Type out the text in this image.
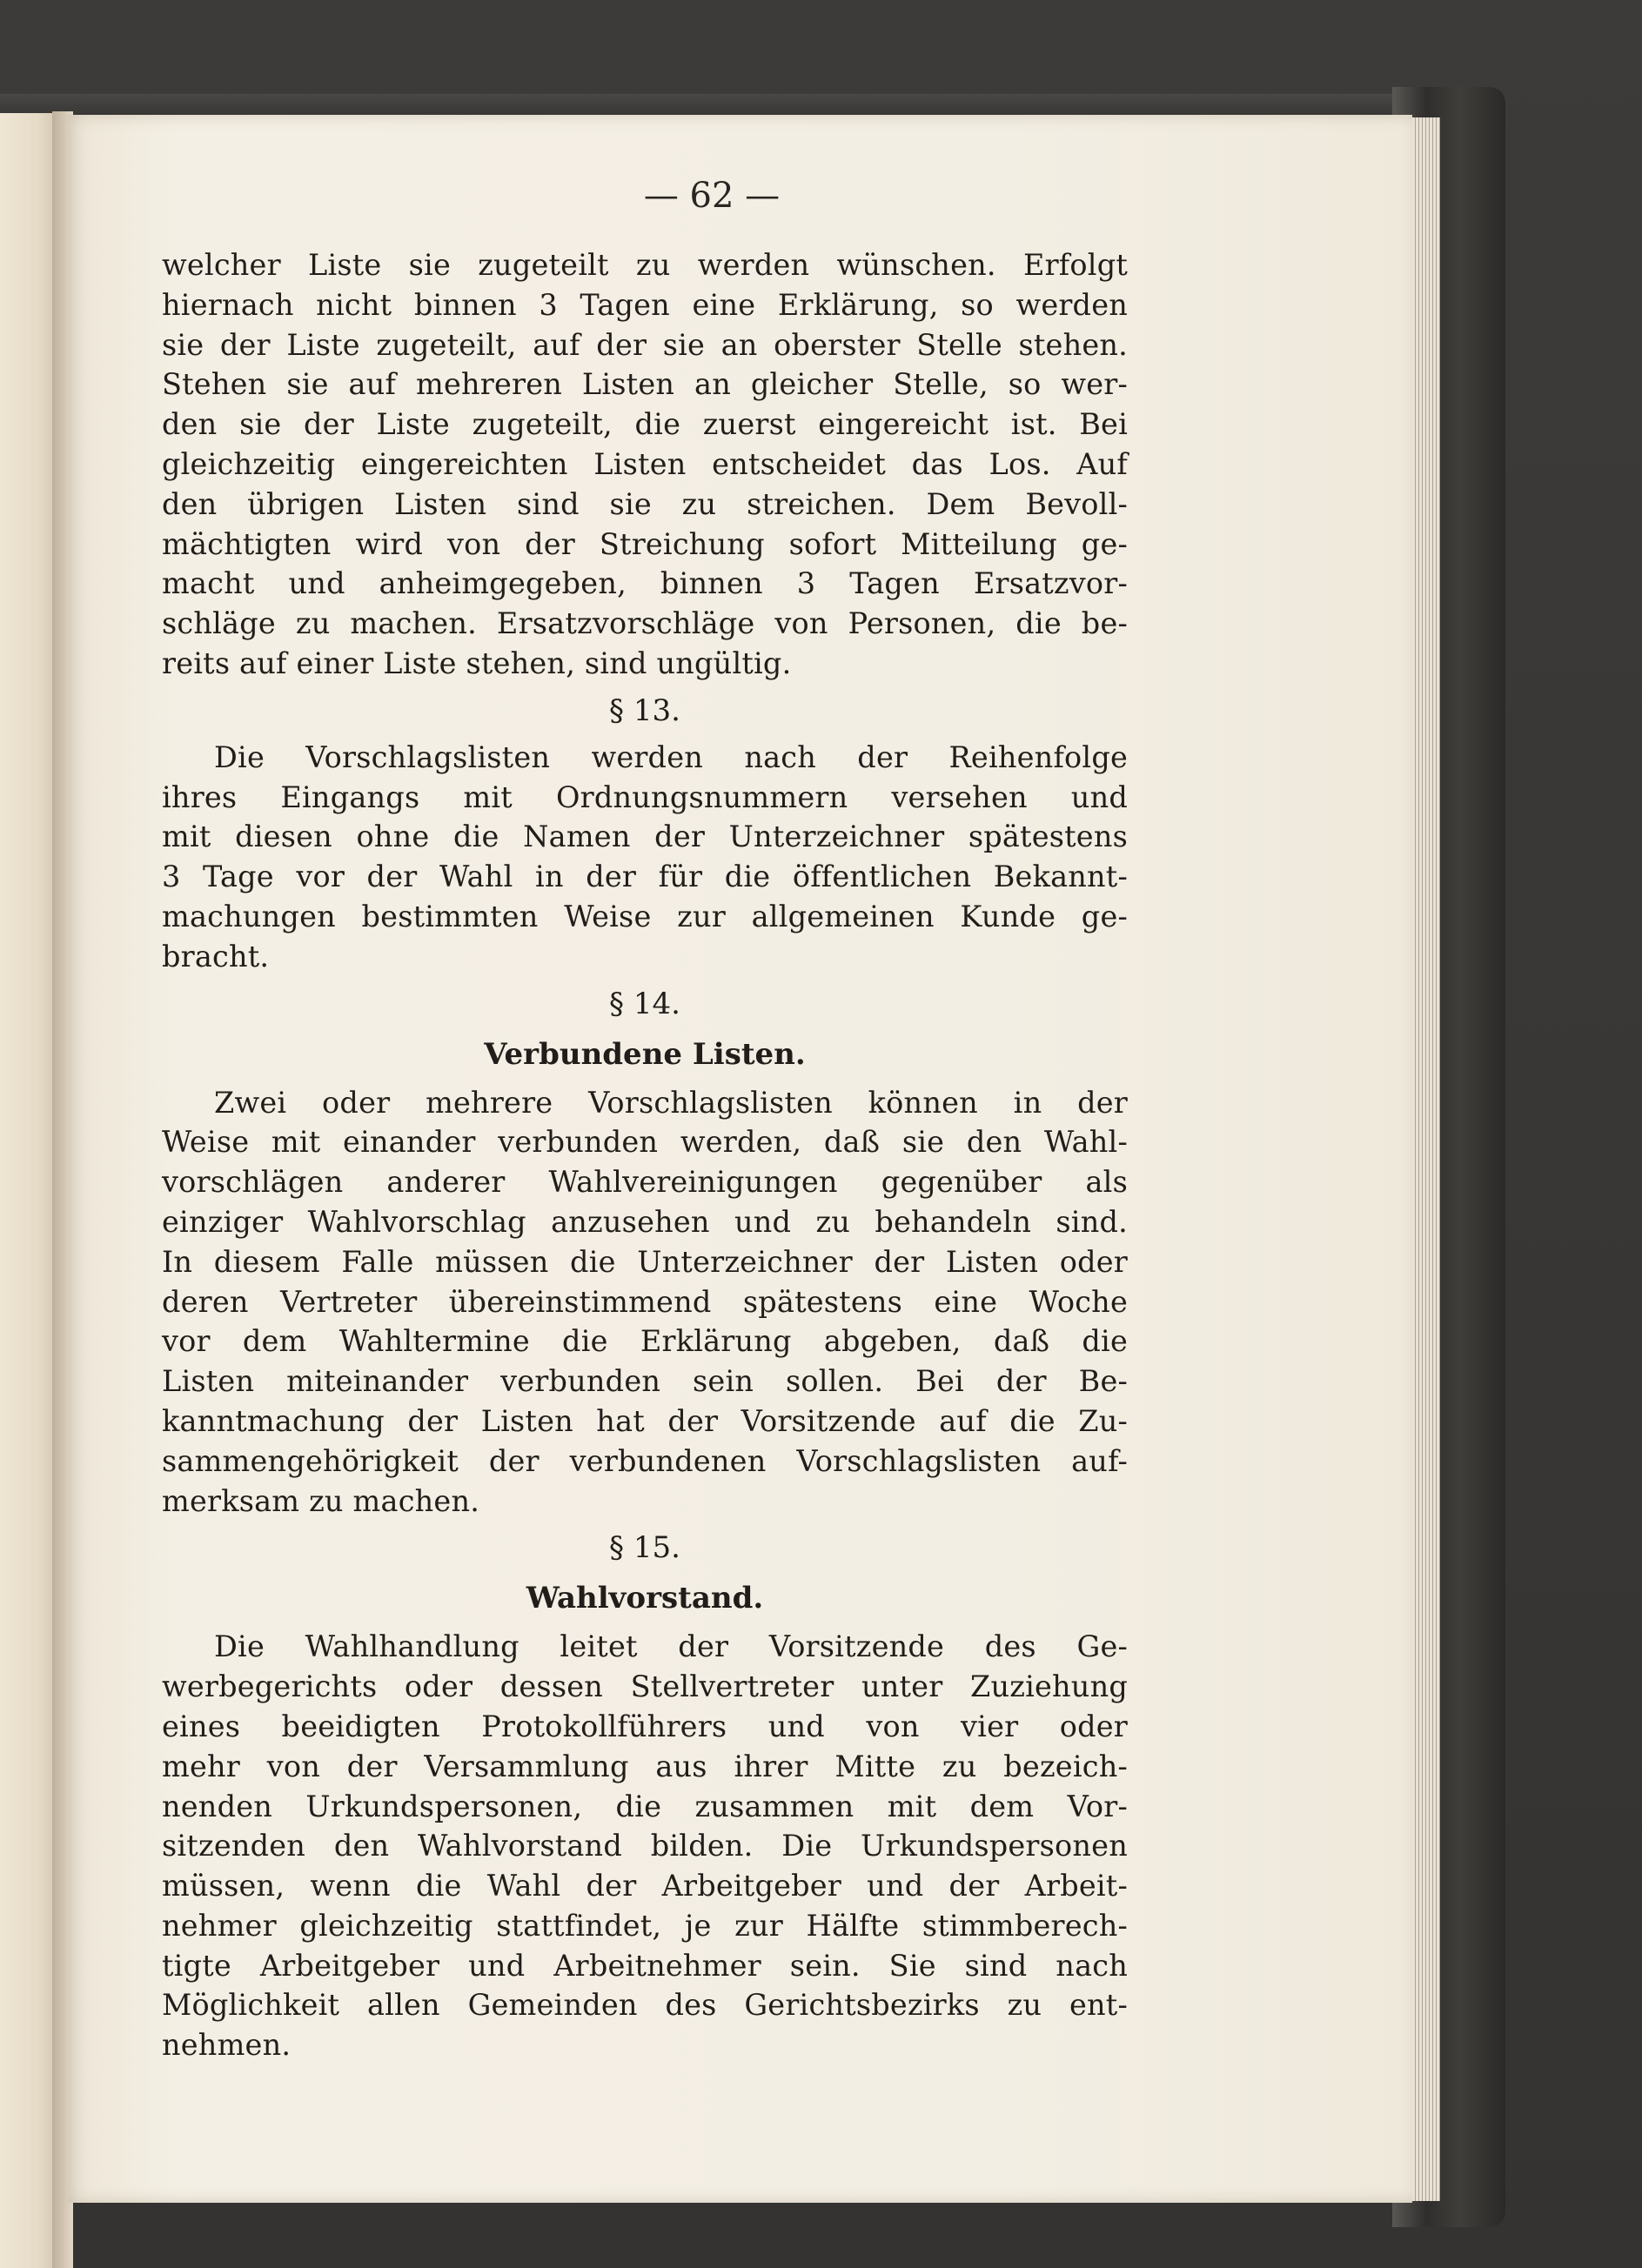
— 62 —

welcher Liste sie zugeteilt zu werden wünschen. Erfolgt
hiernach nicht binnen 3 Tagen eine Erklärung, so werden
sie der Liste zugeteilt, auf der sie an oberster Stelle stehen.
Stehen sie auf mehreren Listen an gleicher Stelle, so wer-
den sie der Liste zugeteilt, die zuerst eingereicht ist. Bei
gleichzeitig eingereichten Listen entscheidet das Los. Auf
den übrigen Listen sind sie zu streichen. Dem Bevoll-
mächtigten wird von der Streichung sofort Mitteilung ge-
macht und anheimgegeben, binnen 3 Tagen Ersatzvor-
schläge zu machen. Ersatzvorschläge von Personen, die be-
reits auf einer Liste stehen, sind ungültig.
§ 13.
Die Vorschlagslisten werden nach der Reihenfolge
ihres Eingangs mit Ordnungsnummern versehen und
mit diesen ohne die Namen der Unterzeichner spätestens
3 Tage vor der Wahl in der für die öffentlichen Bekannt-
machungen bestimmten Weise zur allgemeinen Kunde ge-
bracht.
§ 14.
Verbundene Listen.
Zwei oder mehrere Vorschlagslisten können in der
Weise mit einander verbunden werden, daß sie den Wahl-
vorschlägen anderer Wahlvereinigungen gegenüber als
einziger Wahlvorschlag anzusehen und zu behandeln sind.
In diesem Falle müssen die Unterzeichner der Listen oder
deren Vertreter übereinstimmend spätestens eine Woche
vor dem Wahltermine die Erklärung abgeben, daß die
Listen miteinander verbunden sein sollen. Bei der Be-
kanntmachung der Listen hat der Vorsitzende auf die Zu-
sammengehörigkeit der verbundenen Vorschlagslisten auf-
merksam zu machen.
§ 15.
Wahlvorstand.
Die Wahlhandlung leitet der Vorsitzende des Ge-
werbegerichts oder dessen Stellvertreter unter Zuziehung
eines beeidigten Protokollführers und von vier oder
mehr von der Versammlung aus ihrer Mitte zu bezeich-
nenden Urkundspersonen, die zusammen mit dem Vor-
sitzenden den Wahlvorstand bilden. Die Urkundspersonen
müssen, wenn die Wahl der Arbeitgeber und der Arbeit-
nehmer gleichzeitig stattfindet, je zur Hälfte stimmberech-
tigte Arbeitgeber und Arbeitnehmer sein. Sie sind nach
Möglichkeit allen Gemeinden des Gerichtsbezirks zu ent-
nehmen.
